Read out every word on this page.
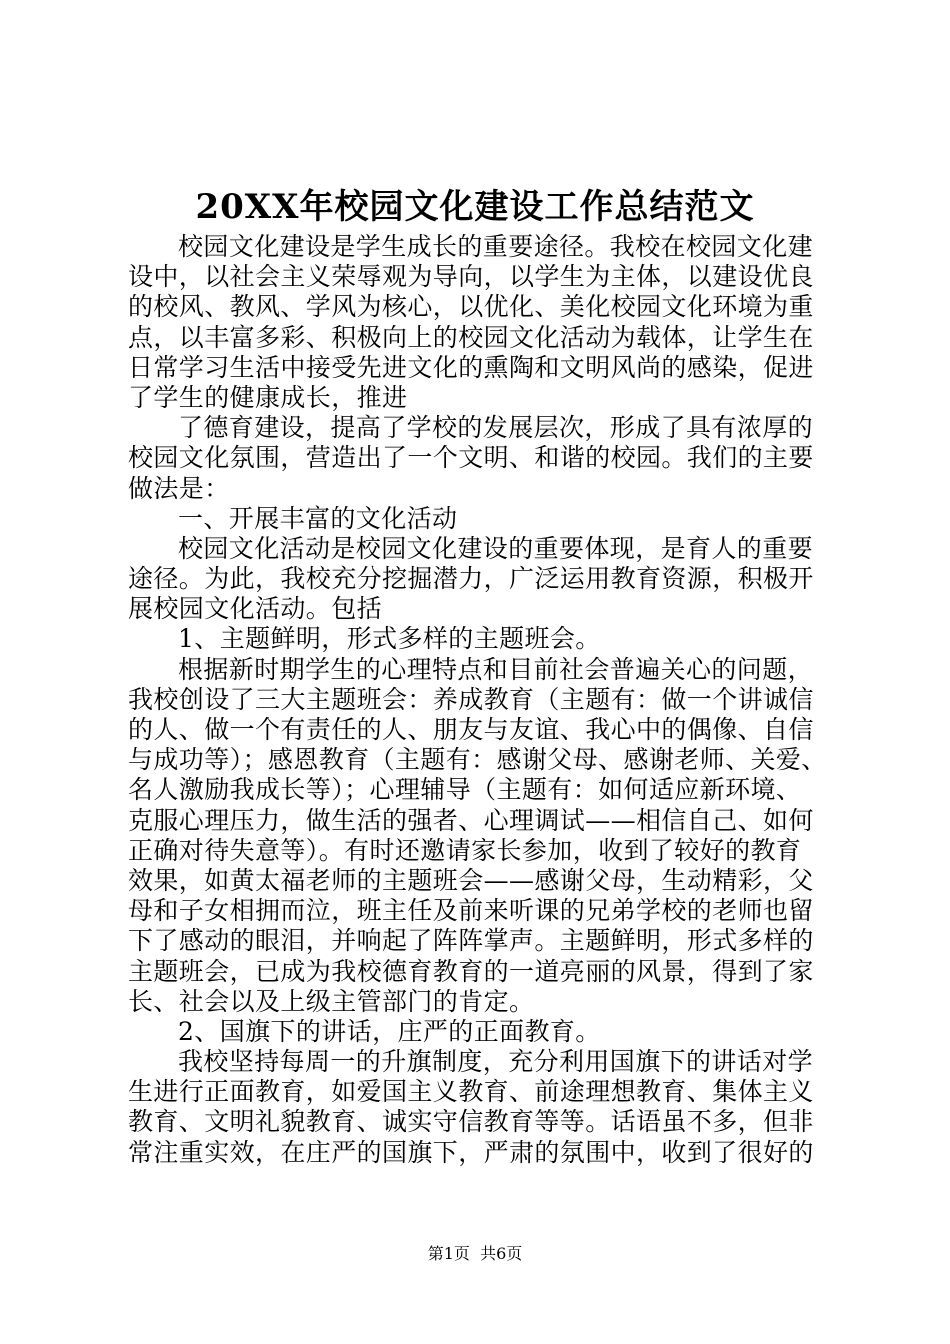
20XX年校园文化建设工作总结范文
校园文化建设是学生成长的重要途径。我校在校园文化建
设中，以社会主义荣辱观为导向，以学生为主体，以建设优良
的校风、教风、学风为核心，以优化、美化校园文化环境为重
点，以丰富多彩、积极向上的校园文化活动为载体，让学生在
日常学习生活中接受先进文化的熏陶和文明风尚的感染，促进
了学生的健康成长，推进
了德育建设，提高了学校的发展层次，形成了具有浓厚的
校园文化氛围，营造出了一个文明、和谐的校园。我们的主要
做法是：
一、开展丰富的文化活动
校园文化活动是校园文化建设的重要体现，是育人的重要
途径。为此，我校充分挖掘潜力，广泛运用教育资源，积极开
展校园文化活动。包括
1、主题鲜明，形式多样的主题班会。
根据新时期学生的心理特点和目前社会普遍关心的问题，
我校创设了三大主题班会：养成教育（主题有：做一个讲诚信
的人、做一个有责任的人、朋友与友谊、我心中的偶像、自信
与成功等）；感恩教育（主题有：感谢父母、感谢老师、关爱、
名人激励我成长等）；心理辅导（主题有：如何适应新环境、
克服心理压力，做生活的强者、心理调试——相信自己、如何
正确对待失意等）。有时还邀请家长参加，收到了较好的教育
效果，如黄太福老师的主题班会——感谢父母，生动精彩，父
母和子女相拥而泣，班主任及前来听课的兄弟学校的老师也留
下了感动的眼泪，并响起了阵阵掌声。主题鲜明，形式多样的
主题班会，已成为我校德育教育的一道亮丽的风景，得到了家
长、社会以及上级主管部门的肯定。
2、国旗下的讲话，庄严的正面教育。
我校坚持每周一的升旗制度，充分利用国旗下的讲话对学
生进行正面教育，如爱国主义教育、前途理想教育、集体主义
教育、文明礼貌教育、诚实守信教育等等。话语虽不多，但非
常注重实效，在庄严的国旗下，严肃的氛围中，收到了很好的
第1页  共6页
